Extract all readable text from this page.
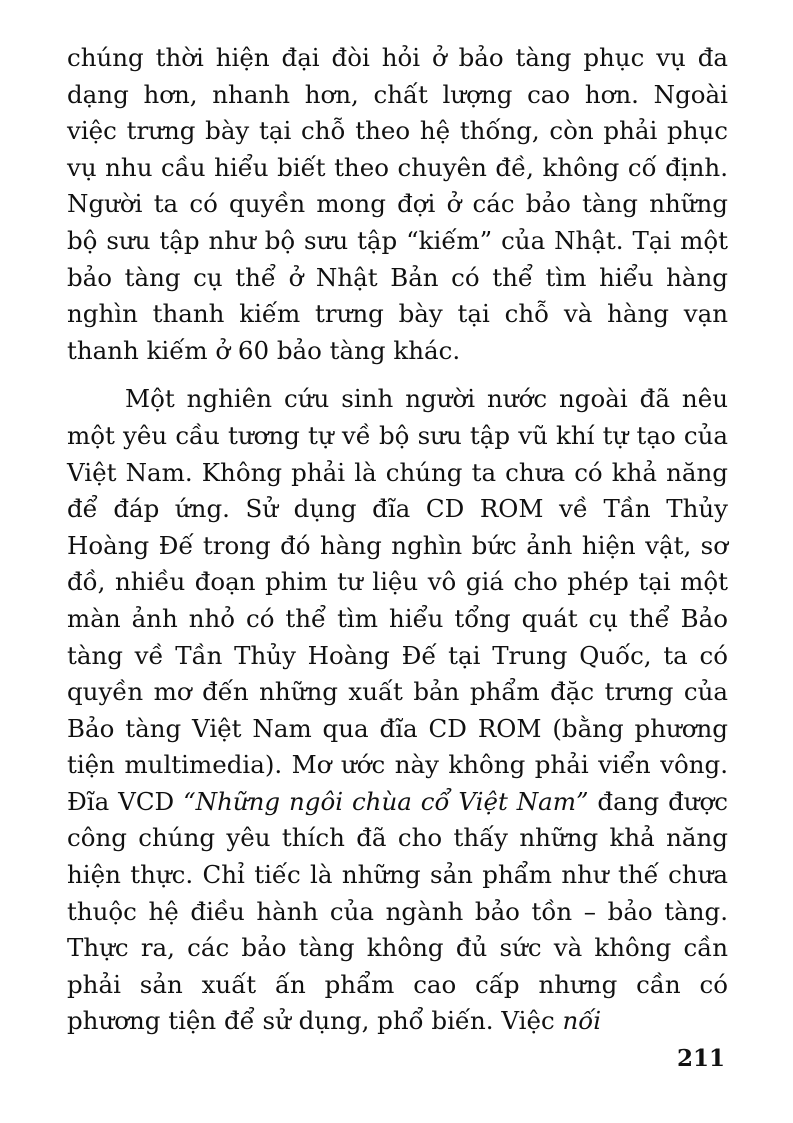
chúng thời hiện đại đòi hỏi ở bảo tàng phục vụ đa dạng hơn, nhanh hơn, chất lượng cao hơn. Ngoài việc trưng bày tại chỗ theo hệ thống, còn phải phục vụ nhu cầu hiểu biết theo chuyên đề, không cố định. Người ta có quyền mong đợi ở các bảo tàng những bộ sưu tập như bộ sưu tập “kiếm” của Nhật. Tại một bảo tàng cụ thể ở Nhật Bản có thể tìm hiểu hàng nghìn thanh kiếm trưng bày tại chỗ và hàng vạn thanh kiếm ở 60 bảo tàng khác.

Một nghiên cứu sinh người nước ngoài đã nêu một yêu cầu tương tự về bộ sưu tập vũ khí tự tạo của Việt Nam. Không phải là chúng ta chưa có khả năng để đáp ứng. Sử dụng đĩa CD ROM về Tần Thủy Hoàng Đế trong đó hàng nghìn bức ảnh hiện vật, sơ đồ, nhiều đoạn phim tư liệu vô giá cho phép tại một màn ảnh nhỏ có thể tìm hiểu tổng quát cụ thể Bảo tàng về Tần Thủy Hoàng Đế tại Trung Quốc, ta có quyền mơ đến những xuất bản phẩm đặc trưng của Bảo tàng Việt Nam qua đĩa CD ROM (bằng phương tiện multimedia). Mơ ước này không phải viển vông. Đĩa VCD “Những ngôi chùa cổ Việt Nam” đang được công chúng yêu thích đã cho thấy những khả năng hiện thực. Chỉ tiếc là những sản phẩm như thế chưa thuộc hệ điều hành của ngành bảo tồn – bảo tàng. Thực ra, các bảo tàng không đủ sức và không cần phải sản xuất ấn phẩm cao cấp nhưng cần có phương tiện để sử dụng, phổ biến. Việc nối

211
